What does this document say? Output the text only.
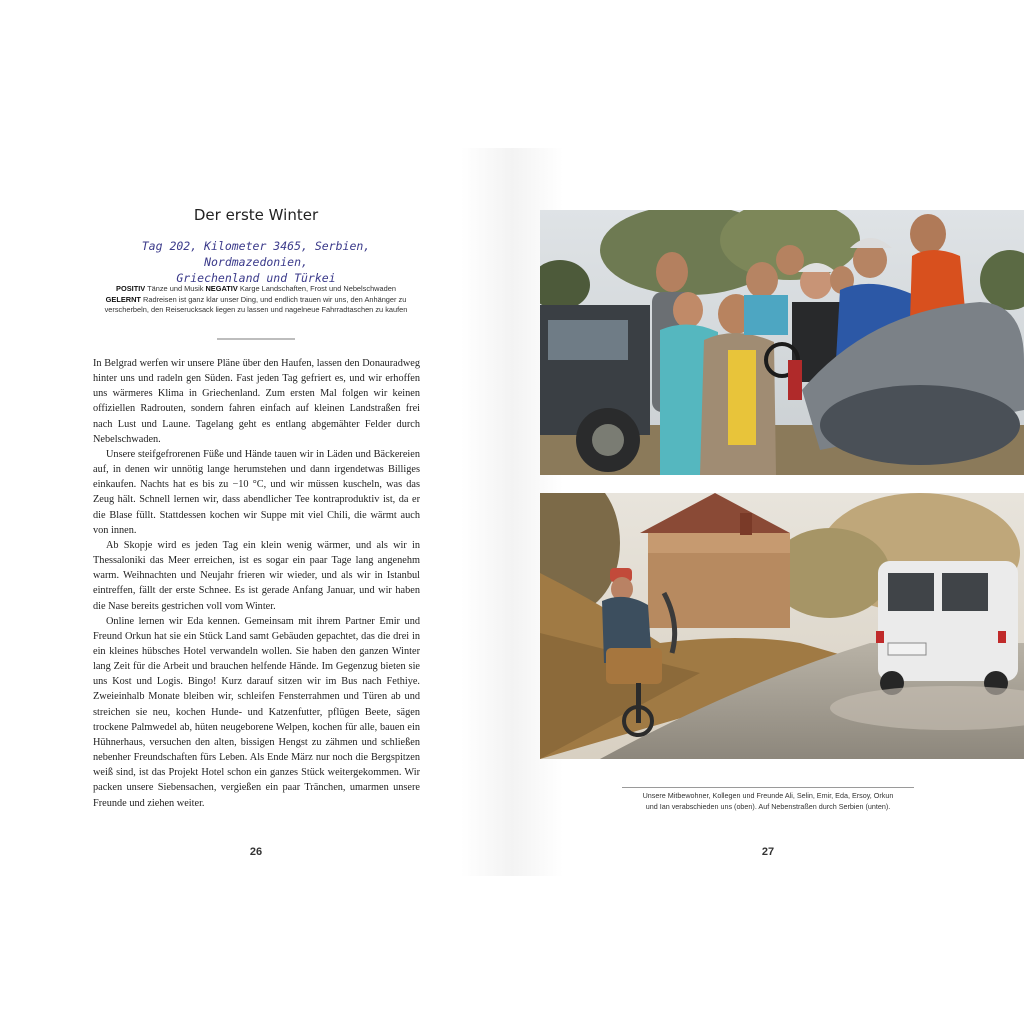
Der erste Winter
Tag 202, Kilometer 3465, Serbien, Nordmazedonien,
Griechenland und Türkei
POSITIV Tänze und Musik NEGATIV Karge Landschaften, Frost und Nebelschwaden GELERNT Radreisen ist ganz klar unser Ding, und endlich trauen wir uns, den Anhänger zu verscherbeln, den Reiserucksack liegen zu lassen und nagelneue Fahrradtaschen zu kaufen

In Belgrad werfen wir unsere Pläne über den Haufen, lassen den Donauradweg hinter uns und radeln gen Süden. Fast jeden Tag gefriert es, und wir erhoffen uns wärmeres Klima in Griechenland. Zum ersten Mal folgen wir keinen offiziellen Radrouten, sondern fahren einfach auf kleinen Landstraßen frei nach Lust und Laune. Tagelang geht es entlang abgemähter Felder durch Nebelschwaden.

Unsere steifgefrorenen Füße und Hände tauen wir in Läden und Bäckereien auf, in denen wir unnötig lange herumstehen und dann irgendetwas Billiges einkaufen. Nachts hat es bis zu −10 °C, und wir müssen kuscheln, was das Zeug hält. Schnell lernen wir, dass abendlicher Tee kontraproduktiv ist, da er die Blase füllt. Stattdessen kochen wir Suppe mit viel Chili, die wärmt auch von innen.

Ab Skopje wird es jeden Tag ein klein wenig wärmer, und als wir in Thessaloniki das Meer erreichen, ist es sogar ein paar Tage lang angenehm warm. Weihnachten und Neujahr frieren wir wieder, und als wir in Istanbul eintreffen, fällt der erste Schnee. Es ist gerade Anfang Januar, und wir haben die Nase bereits gestrichen voll vom Winter.

Online lernen wir Eda kennen. Gemeinsam mit ihrem Partner Emir und Freund Orkun hat sie ein Stück Land samt Gebäuden gepachtet, das die drei in ein kleines hübsches Hotel verwandeln wollen. Sie haben den ganzen Winter lang Zeit für die Arbeit und brauchen helfende Hände. Im Gegenzug bieten sie uns Kost und Logis. Bingo! Kurz darauf sitzen wir im Bus nach Fethiye. Zweieinhalb Monate bleiben wir, schleifen Fensterrahmen und Türen ab und streichen sie neu, kochen Hunde- und Katzenfutter, pflügen Beete, sägen trockene Palmwedel ab, hüten neugeborene Welpen, kochen für alle, bauen ein Hühnerhaus, versuchen den alten, bissigen Hengst zu zähmen und schließen nebenher Freundschaften fürs Leben. Als Ende März nur noch die Bergspitzen weiß sind, ist das Projekt Hotel schon ein ganzes Stück weitergekommen. Wir packen unsere Siebensachen, vergießen ein paar Tränchen, umarmen unsere Freunde und ziehen weiter.

26
Unsere Mitbewohner, Kollegen und Freunde Ali, Selin, Emir, Eda, Ersoy, Orkun
und Ian verabschieden uns (oben). Auf Nebenstraßen durch Serbien (unten).
27
